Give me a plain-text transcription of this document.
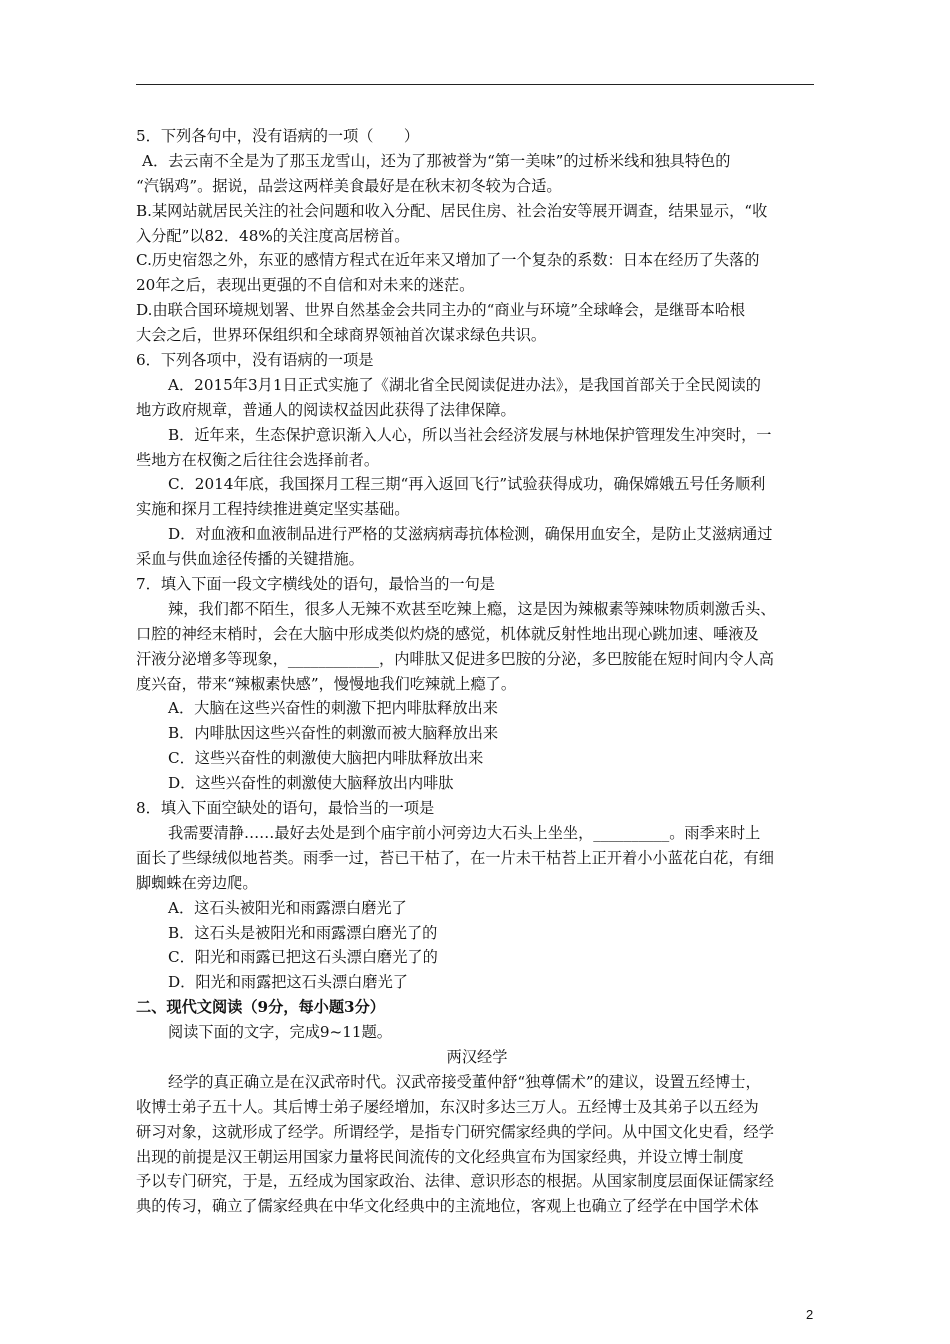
5．下列各句中，没有语病的一项（　　）
A．去云南不全是为了那玉龙雪山，还为了那被誉为“第一美味”的过桥米线和独具特色的
“汽锅鸡”。据说，品尝这两样美食最好是在秋末初冬较为合适。
B.某网站就居民关注的社会问题和收入分配、居民住房、社会治安等展开调查，结果显示，“收
入分配”以82．48%的关注度高居榜首。
C.历史宿怨之外，东亚的感情方程式在近年来又增加了一个复杂的系数：日本在经历了失落的
20年之后，表现出更强的不自信和对未来的迷茫。
D.由联合国环境规划署、世界自然基金会共同主办的“商业与环境”全球峰会，是继哥本哈根
大会之后，世界环保组织和全球商界领袖首次谋求绿色共识。
6．下列各项中，没有语病的一项是
A．2015年3月1日正式实施了《湖北省全民阅读促进办法》，是我国首部关于全民阅读的
地方政府规章，普通人的阅读权益因此获得了法律保障。
B．近年来，生态保护意识渐入人心，所以当社会经济发展与林地保护管理发生冲突时，一
些地方在权衡之后往往会选择前者。
C．2014年底，我国探月工程三期“再入返回飞行”试验获得成功，确保嫦娥五号任务顺利
实施和探月工程持续推进奠定坚实基础。
D．对血液和血液制品进行严格的艾滋病病毒抗体检测，确保用血安全，是防止艾滋病通过
采血与供血途径传播的关键措施。
7．填入下面一段文字横线处的语句，最恰当的一句是
辣，我们都不陌生，很多人无辣不欢甚至吃辣上瘾，这是因为辣椒素等辣味物质刺激舌头、
口腔的神经末梢时，会在大脑中形成类似灼烧的感觉，机体就反射性地出现心跳加速、唾液及
汗液分泌增多等现象，____________，内啡肽又促进多巴胺的分泌，多巴胺能在短时间内令人高
度兴奋，带来“辣椒素快感”，慢慢地我们吃辣就上瘾了。
A．大脑在这些兴奋性的刺激下把内啡肽释放出来
B．内啡肽因这些兴奋性的刺激而被大脑释放出来
C．这些兴奋性的刺激使大脑把内啡肽释放出来
D．这些兴奋性的刺激使大脑释放出内啡肽
8．填入下面空缺处的语句，最恰当的一项是
我需要清静……最好去处是到个庙宇前小河旁边大石头上坐坐，__________。雨季来时上
面长了些绿绒似地苔类。雨季一过，苔已干枯了，在一片未干枯苔上正开着小小蓝花白花，有细
脚蜘蛛在旁边爬。
A．这石头被阳光和雨露漂白磨光了
B．这石头是被阳光和雨露漂白磨光了的
C．阳光和雨露已把这石头漂白磨光了的
D．阳光和雨露把这石头漂白磨光了
二、现代文阅读（9分，每小题3分）
阅读下面的文字，完成9~11题。
两汉经学
经学的真正确立是在汉武帝时代。汉武帝接受董仲舒“独尊儒术”的建议，设置五经博士，
收博士弟子五十人。其后博士弟子屡经增加，东汉时多达三万人。五经博士及其弟子以五经为
研习对象，这就形成了经学。所谓经学，是指专门研究儒家经典的学问。从中国文化史看，经学
出现的前提是汉王朝运用国家力量将民间流传的文化经典宣布为国家经典，并设立博士制度
予以专门研究，于是，五经成为国家政治、法律、意识形态的根据。从国家制度层面保证儒家经
典的传习，确立了儒家经典在中华文化经典中的主流地位，客观上也确立了经学在中国学术体
2
